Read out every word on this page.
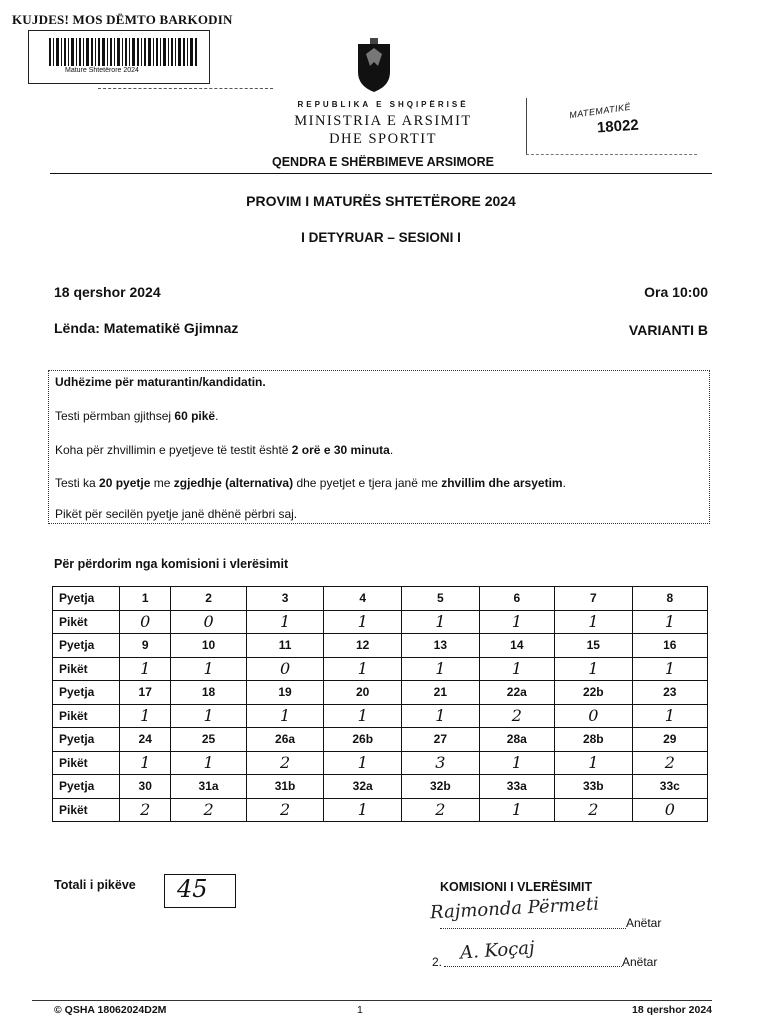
KUJDES! MOS DËMTO BARKODIN
Mature Shtetërore 2024
REPUBLIKA E SHQIPËRISË
MINISTRIA E ARSIMIT
DHE SPORTIT
QENDRA E SHËRBIMEVE ARSIMORE
MATEMATIKË
18022
PROVIM I MATURËS SHTETËRORE 2024
I DETYRUAR – SESIONI I
18 qershor 2024	Ora 10:00
Lënda: Matematikë Gjimnaz	VARIANTI B

Udhëzime për maturantin/kandidatin.

Testi përmban gjithsej 60 pikë.

Koha për zhvillimin e pyetjeve të testit është 2 orë e 30 minuta.

Testi ka 20 pyetje me zgjedhje (alternativa) dhe pyetjet e tjera janë me zhvillim dhe arsyetim.

Pikët për secilën pyetje janë dhënë përbri saj.

Për përdorim nga komisioni i vlerësimit
Pyetja	1	2	3	4	5	6	7	8
Pikët	0	0	1	1	1	1	1	1
Pyetja	9	10	11	12	13	14	15	16
Pikët	1	1	0	1	1	1	1	1
Pyetja	17	18	19	20	21	22a	22b	23
Pikët	1	1	1	1	1	2	0	1
Pyetja	24	25	26a	26b	27	28a	28b	29
Pikët	1	1	2	1	3	1	1	2
Pyetja	30	31a	31b	32a	32b	33a	33b	33c
Pikët	2	2	2	1	2	1	2	0
Totali i pikëve 45	KOMISIONI I VLERËSIMIT
Rajmonda Përmeti Anëtar
2. A. Koçaj	Anëtar
© QSHA 18062024D2M	1	18 qershor 2024
